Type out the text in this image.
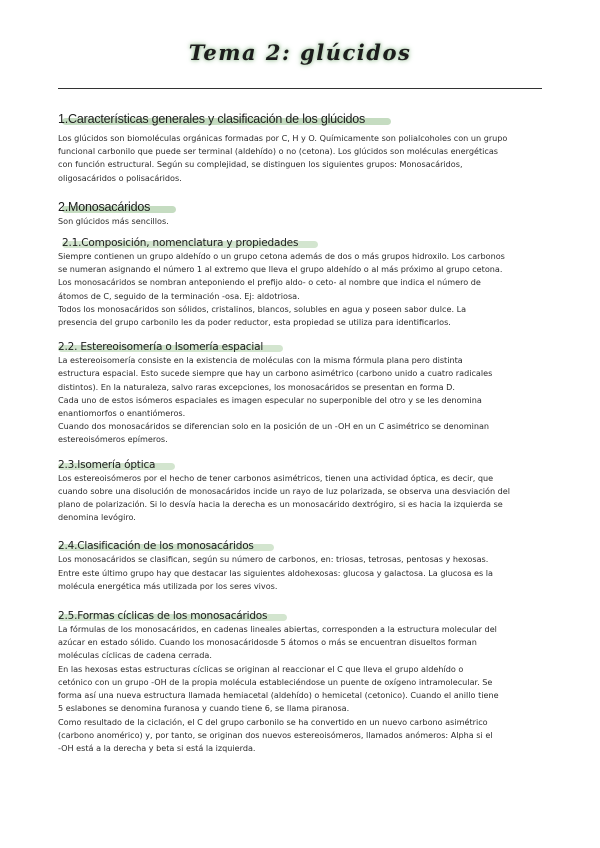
Tema 2: glúcidos
1.Características generales y clasificación de los glúcidos

Los glúcidos son biomoléculas orgánicas formadas por C, H y O. Químicamente son polialcoholes con un grupo

funcional carbonilo que puede ser terminal (aldehído) o no (cetona). Los glúcidos son moléculas energéticas

con función estructural. Según su complejidad, se distinguen los siguientes grupos: Monosacáridos,

oligosacáridos o polisacáridos.

2.Monosacáridos

Son glúcidos más sencillos.

2.1.Composición, nomenclatura y propiedades

Siempre contienen un grupo aldehído o un grupo cetona además de dos o más grupos hidroxilo. Los carbonos

se numeran asignando el número 1 al extremo que lleva el grupo aldehído o al más próximo al grupo cetona.

Los monosacáridos se nombran anteponiendo el prefijo aldo- o ceto- al nombre que indica el número de

átomos de C, seguido de la terminación -osa. Ej: aldotriosa.

Todos los monosacáridos son sólidos, cristalinos, blancos, solubles en agua y poseen sabor dulce. La

presencia del grupo carbonilo les da poder reductor, esta propiedad se utiliza para identificarlos.

2.2. Estereoisomería o Isomería espacial

La estereoisomería consiste en la existencia de moléculas con la misma fórmula plana pero distinta

estructura espacial. Esto sucede siempre que hay un carbono asimétrico (carbono unido a cuatro radicales

distintos). En la naturaleza, salvo raras excepciones, los monosacáridos se presentan en forma D.

Cada uno de estos isómeros espaciales es imagen especular no superponible del otro y se les denomina

enantiomorfos o enantiómeros.

Cuando dos monosacáridos se diferencian solo en la posición de un -OH en un C asimétrico se denominan

estereoisómeros epímeros.

2.3.Isomería óptica

Los estereoisómeros por el hecho de tener carbonos asimétricos, tienen una actividad óptica, es decir, que

cuando sobre una disolución de monosacáridos incide un rayo de luz polarizada, se observa una desviación del

plano de polarización. Si lo desvía hacia la derecha es un monosacárido dextrógiro, si es hacia la izquierda se

denomina levógiro.

2.4.Clasificación de los monosacáridos

Los monosacáridos se clasifican, según su número de carbonos, en: triosas, tetrosas, pentosas y hexosas.

Entre este último grupo hay que destacar las siguientes aldohexosas: glucosa y galactosa. La glucosa es la

molécula energética más utilizada por los seres vivos.

2.5.Formas cíclicas de los monosacáridos

La fórmulas de los monosacáridos, en cadenas lineales abiertas, corresponden a la estructura molecular del

azúcar en estado sólido. Cuando los monosacáridosde 5 átomos o más se encuentran disueltos forman

moléculas cíclicas de cadena cerrada.

En las hexosas estas estructuras cíclicas se originan al reaccionar el C que lleva el grupo aldehído o

cetónico con un grupo -OH de la propia molécula estableciéndose un puente de oxígeno intramolecular. Se

forma así una nueva estructura llamada hemiacetal (aldehído) o hemicetal (cetonico). Cuando el anillo tiene

5 eslabones se denomina furanosa y cuando tiene 6, se llama piranosa.

Como resultado de la ciclación, el C del grupo carbonilo se ha convertido en un nuevo carbono asimétrico

(carbono anomérico) y, por tanto, se originan dos nuevos estereoisómeros, llamados anómeros: Alpha si el

-OH está a la derecha y beta si está la izquierda.
